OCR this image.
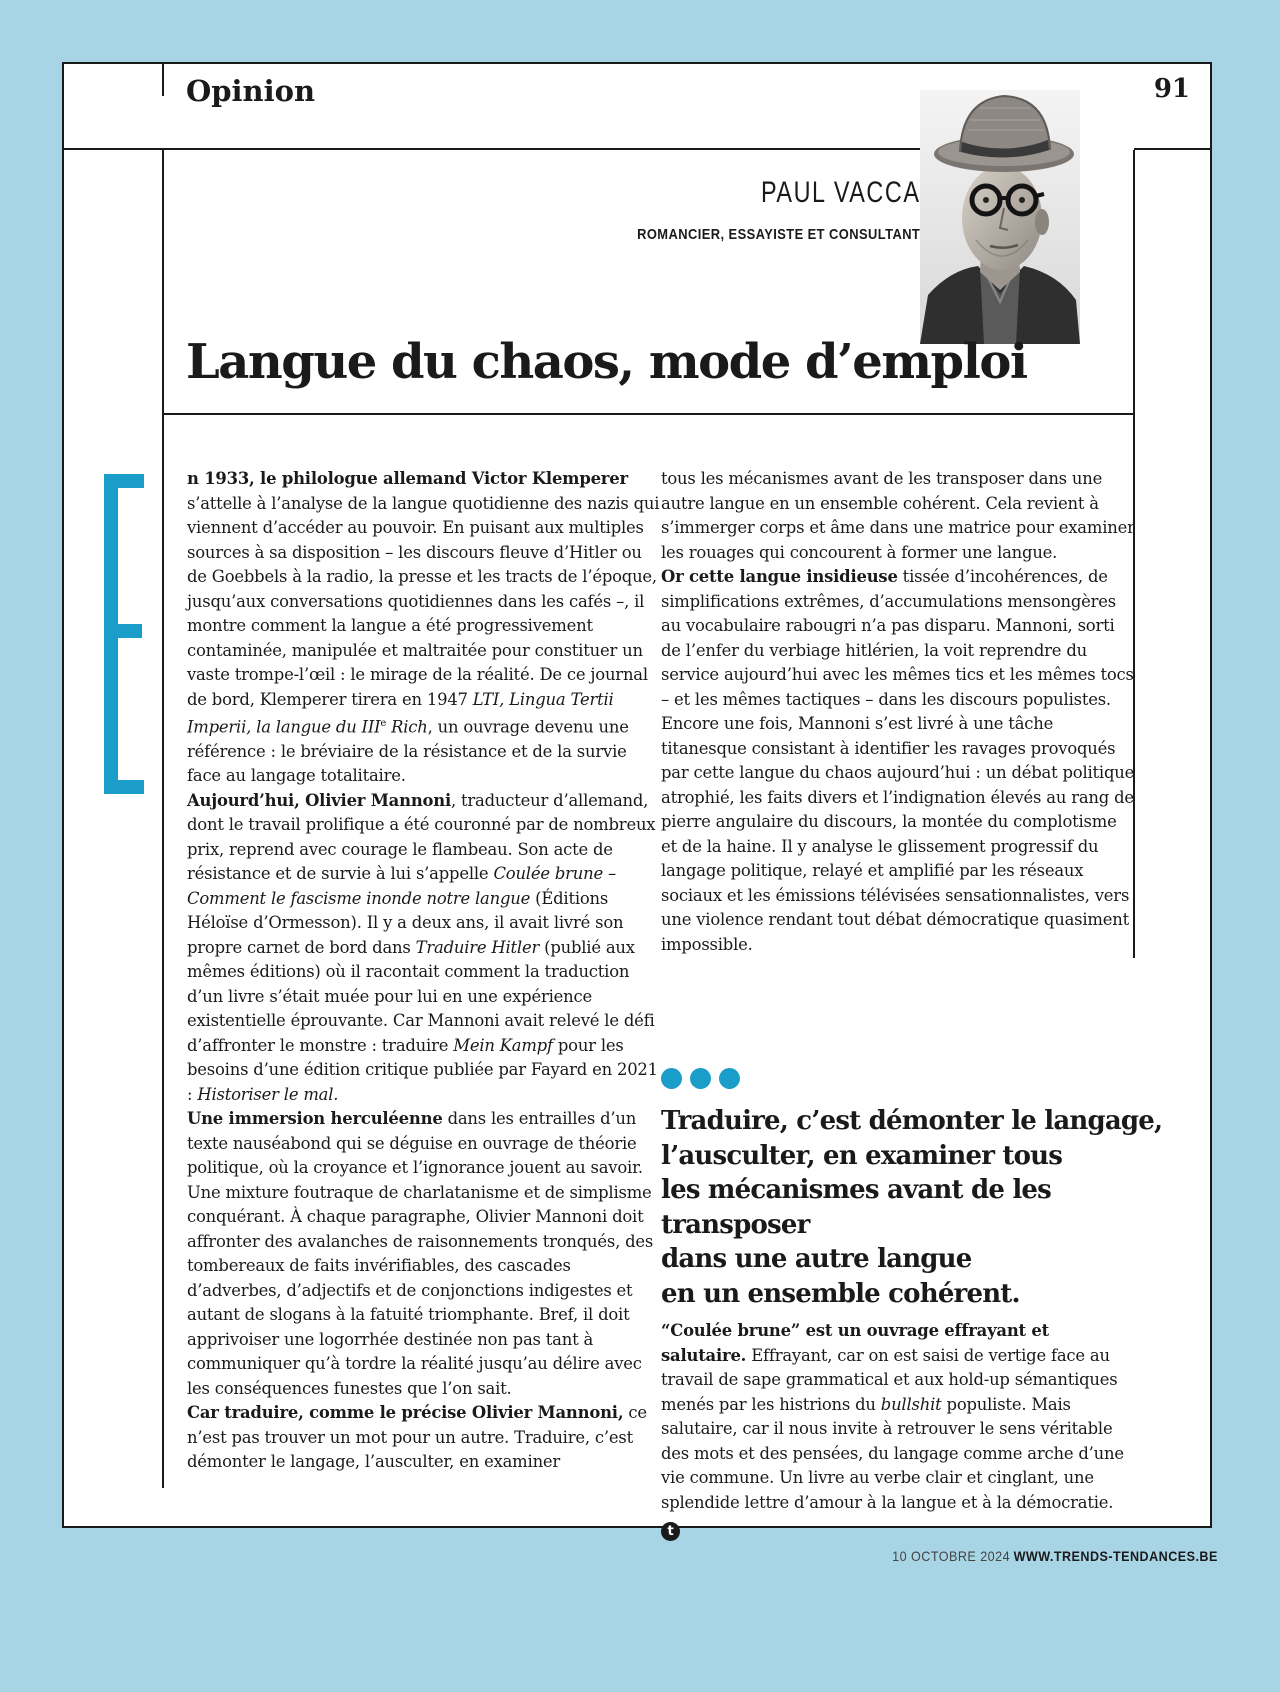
Opinion	91
PAUL VACCA
ROMANCIER, ESSAYISTE ET CONSULTANT
Langue du chaos, mode d’emploi

n 1933, le philologue allemand Victor Klemperer s’attelle à l’analyse de la langue quotidienne des nazis qui viennent d’accéder au pouvoir. En puisant aux multiples sources à sa disposition – les discours fleuve d’Hitler ou de Goebbels à la radio, la presse et les tracts de l’époque, jusqu’aux conversations quotidiennes dans les cafés –, il montre comment la langue a été progressivement contaminée, manipulée et maltraitée pour constituer un vaste trompe-l’œil : le mirage de la réalité. De ce journal de bord, Klemperer tirera en 1947 LTI, Lingua Tertii Imperii, la langue du IIIe Rich, un ouvrage devenu une référence : le bréviaire de la résistance et de la survie face au langage totalitaire.

Aujourd’hui, Olivier Mannoni, traducteur d’allemand, dont le travail prolifique a été couronné par de nombreux prix, reprend avec courage le flambeau. Son acte de résistance et de survie à lui s’appelle Coulée brune – Comment le fascisme inonde notre langue (Éditions Héloïse d’Ormesson). Il y a deux ans, il avait livré son propre carnet de bord dans Traduire Hitler (publié aux mêmes éditions) où il racontait comment la traduction d’un livre s’était muée pour lui en une expérience existentielle éprouvante. Car Mannoni avait relevé le défi d’affronter le monstre : traduire Mein Kampf pour les besoins d’une édition critique publiée par Fayard en 2021 : Historiser le mal.

Une immersion herculéenne dans les entrailles d’un texte nauséabond qui se déguise en ouvrage de théorie politique, où la croyance et l’ignorance jouent au savoir. Une mixture foutraque de charlatanisme et de simplisme conquérant. À chaque paragraphe, Olivier Mannoni doit affronter des avalanches de raisonnements tronqués, des tombereaux de faits invérifiables, des cascades d’adverbes, d’adjectifs et de conjonctions indigestes et autant de slogans à la fatuité triomphante. Bref, il doit apprivoiser une logorrhée destinée non pas tant à communiquer qu’à tordre la réalité jusqu’au délire avec les conséquences funestes que l’on sait.

Car traduire, comme le précise Olivier Mannoni, ce n’est pas trouver un mot pour un autre. Traduire, c’est démonter le langage, l’ausculter, en examiner

tous les mécanismes avant de les transposer dans une autre langue en un ensemble cohérent. Cela revient à s’immerger corps et âme dans une matrice pour examiner les rouages qui concourent à former une langue.

Or cette langue insidieuse tissée d’incohérences, de simplifications extrêmes, d’accumulations mensongères au vocabulaire rabougri n’a pas disparu. Mannoni, sorti de l’enfer du verbiage hitlérien, la voit reprendre du service aujourd’hui avec les mêmes tics et les mêmes tocs – et les mêmes tactiques – dans les discours populistes. Encore une fois, Mannoni s’est livré à une tâche titanesque consistant à identifier les ravages provoqués par cette langue du chaos aujourd’hui : un débat politique atrophié, les faits divers et l’indignation élevés au rang de pierre angulaire du discours, la montée du complotisme et de la haine. Il y analyse le glissement progressif du langage politique, relayé et amplifié par les réseaux sociaux et les émissions télévisées sensationnalistes, vers une violence rendant tout débat démocratique quasiment impossible.

Traduire, c’est démonter le langage,
l’ausculter, en examiner tous
les mécanismes avant de les transposer
dans une autre langue
en un ensemble cohérent.

“Coulée brune” est un ouvrage effrayant et salutaire. Effrayant, car on est saisi de vertige face au travail de sape grammatical et aux hold-up sémantiques menés par les histrions du bullshit populiste. Mais salutaire, car il nous invite à retrouver le sens véritable des mots et des pensées, du langage comme arche d’une vie commune. Un livre au verbe clair et cinglant, une splendide lettre d’amour à la langue et à la démocratie. t

10 OCTOBRE 2024 WWW.TRENDS-TENDANCES.BE
